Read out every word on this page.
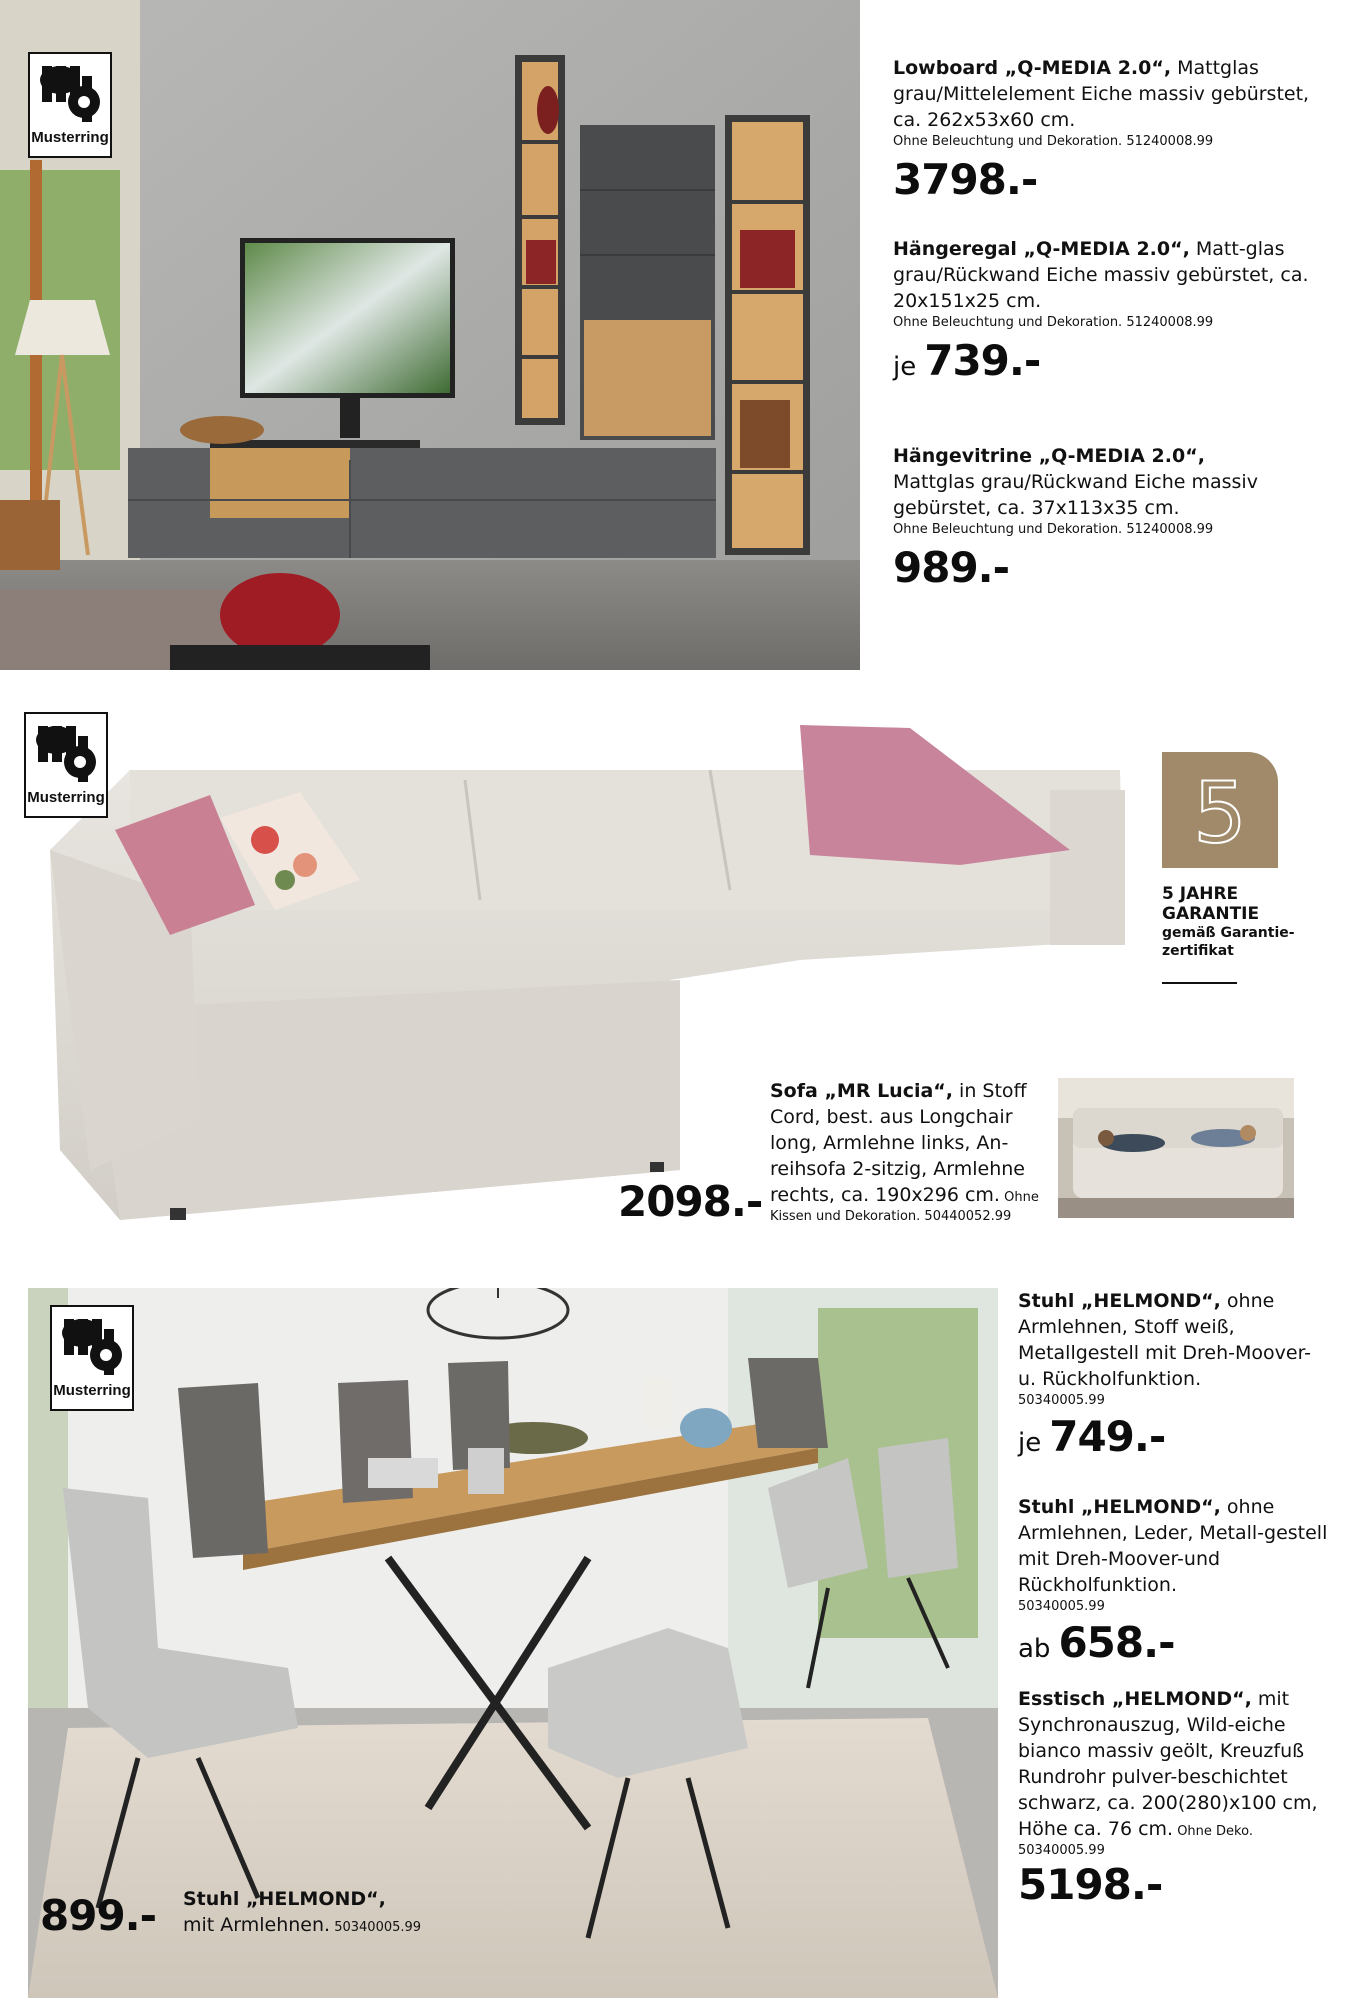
Musterring
Lowboard „Q-MEDIA 2.0“, Mattglas grau/Mittelelement Eiche massiv gebürstet, ca. 262x53x60 cm.
Ohne Beleuchtung und Dekoration. 51240008.99
3798.-
Hängeregal „Q-MEDIA 2.0“, Matt-glas grau/Rückwand Eiche massiv gebürstet, ca. 20x151x25 cm.
Ohne Beleuchtung und Dekoration. 51240008.99
je 739.-
Hängevitrine „Q-MEDIA 2.0“,
Mattglas grau/Rückwand Eiche massiv gebürstet, ca. 37x113x35 cm.
Ohne Beleuchtung und Dekoration. 51240008.99
989.-
Musterring	5
5 JAHRE
GARANTIE
gemäß Garantie-
zertifikat
Sofa „MR Lucia“, in Stoff Cord, best. aus Longchair long, Armlehne links, An-reihsofa 2-sitzig, Armlehne rechts, ca. 190x296 cm. Ohne
Kissen und Dekoration. 50440052.99
2098.-
Musterring
Stuhl „HELMOND“, ohne Armlehnen, Stoff weiß, Metallgestell mit Dreh-Moover- u. Rückholfunktion.
50340005.99
je 749.-
Stuhl „HELMOND“, ohne Armlehnen, Leder, Metall-gestell mit Dreh-Moover-und Rückholfunktion.
50340005.99
ab 658.-
Esstisch „HELMOND“, mit Synchronauszug, Wild-eiche bianco massiv geölt, Kreuzfuß Rundrohr pulver-beschichtet schwarz, ca. 200(280)x100 cm, Höhe ca. 76 cm. Ohne Deko.
50340005.99
5198.-
899.- Stuhl „HELMOND“,
mit Armlehnen. 50340005.99
